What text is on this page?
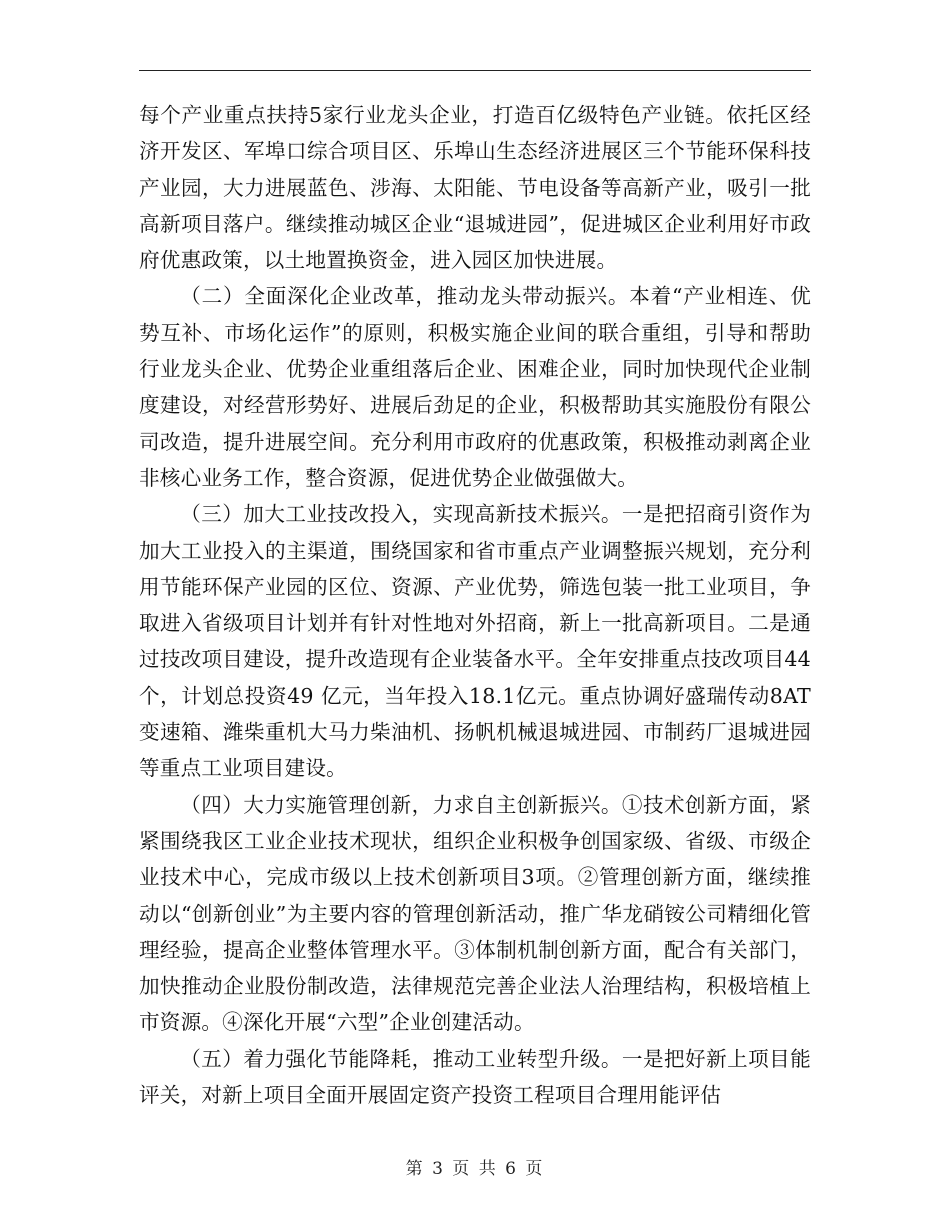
每个产业重点扶持5家行业龙头企业，打造百亿级特色产业链。依托区经济开发区、军埠口综合项目区、乐埠山生态经济进展区三个节能环保科技产业园，大力进展蓝色、涉海、太阳能、节电设备等高新产业，吸引一批高新项目落户。继续推动城区企业“退城进园”，促进城区企业利用好市政府优惠政策，以土地置换资金，进入园区加快进展。

（二）全面深化企业改革，推动龙头带动振兴。本着“产业相连、优势互补、市场化运作”的原则，积极实施企业间的联合重组，引导和帮助行业龙头企业、优势企业重组落后企业、困难企业，同时加快现代企业制度建设，对经营形势好、进展后劲足的企业，积极帮助其实施股份有限公司改造，提升进展空间。充分利用市政府的优惠政策，积极推动剥离企业非核心业务工作，整合资源，促进优势企业做强做大。

（三）加大工业技改投入，实现高新技术振兴。一是把招商引资作为加大工业投入的主渠道，围绕国家和省市重点产业调整振兴规划，充分利用节能环保产业园的区位、资源、产业优势，筛选包装一批工业项目，争取进入省级项目计划并有针对性地对外招商，新上一批高新项目。二是通过技改项目建设，提升改造现有企业装备水平。全年安排重点技改项目44个，计划总投资49 亿元，当年投入18.1亿元。重点协调好盛瑞传动8AT变速箱、潍柴重机大马力柴油机、扬帆机械退城进园、市制药厂退城进园等重点工业项目建设。

（四）大力实施管理创新，力求自主创新振兴。①技术创新方面，紧紧围绕我区工业企业技术现状，组织企业积极争创国家级、省级、市级企业技术中心，完成市级以上技术创新项目3项。②管理创新方面，继续推动以“创新创业”为主要内容的管理创新活动，推广华龙硝铵公司精细化管理经验，提高企业整体管理水平。③体制机制创新方面，配合有关部门，加快推动企业股份制改造，法律规范完善企业法人治理结构，积极培植上市资源。④深化开展“六型”企业创建活动。

（五）着力强化节能降耗，推动工业转型升级。一是把好新上项目能评关，对新上项目全面开展固定资产投资工程项目合理用能评估

第 3 页 共 6 页
